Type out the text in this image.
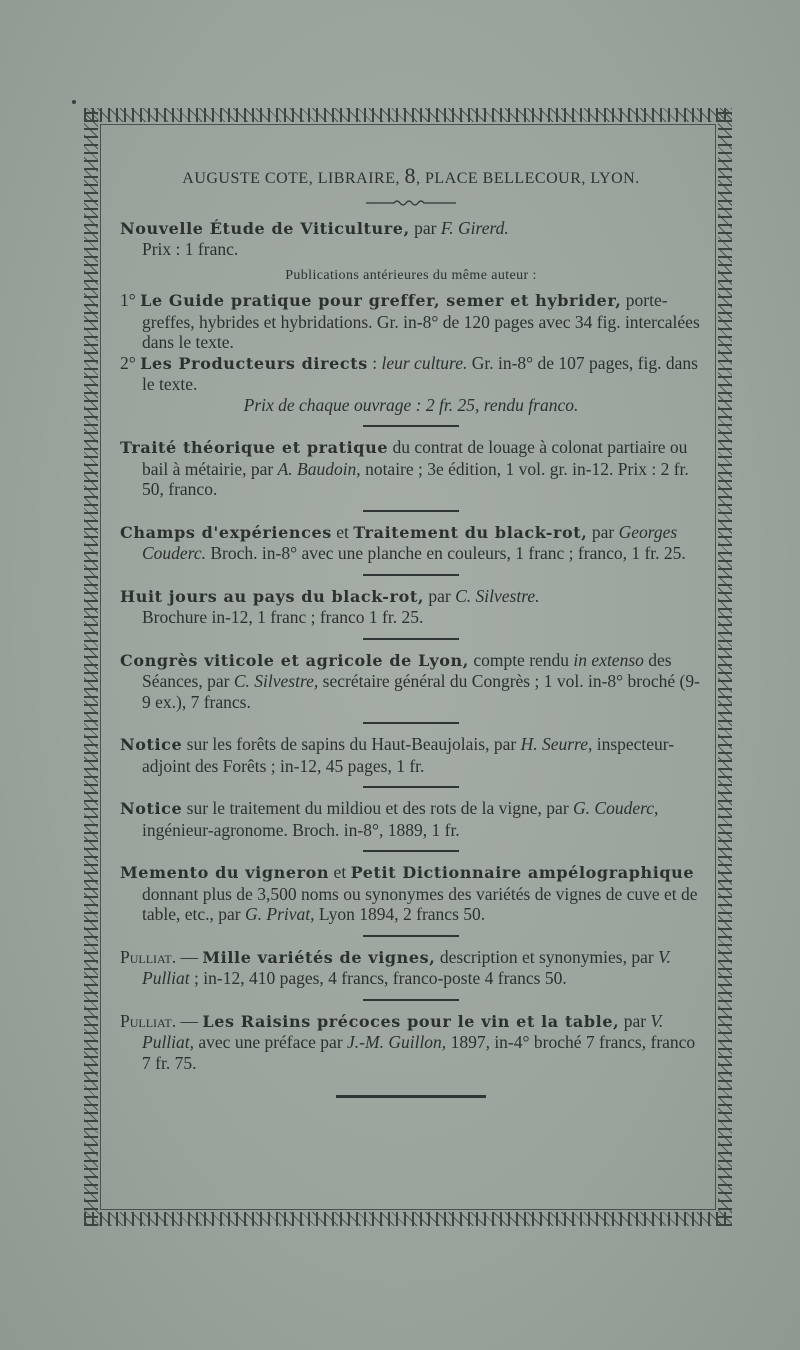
AUGUSTE COTE, LIBRAIRE, 8, PLACE BELLECOUR, LYON.

Nouvelle Étude de Viticulture, par F. Girerd.

Prix : 1 franc.

Publications antérieures du même auteur :

1° Le Guide pratique pour greffer, semer et hybrider, porte-greffes, hybrides et hybridations. Gr. in-8° de 120 pages avec 34 fig. intercalées dans le texte.

2° Les Producteurs directs : leur culture. Gr. in-8° de 107 pages, fig. dans le texte.

Prix de chaque ouvrage : 2 fr. 25, rendu franco.

Traité théorique et pratique du contrat de louage à colonat partiaire ou bail à métairie, par A. Baudoin, notaire ; 3e édition, 1 vol. gr. in-12. Prix : 2 fr. 50, franco.

Champs d'expériences et Traitement du black-rot, par Georges Couderc. Broch. in-8° avec une planche en couleurs, 1 franc ; franco, 1 fr. 25.

Huit jours au pays du black-rot, par C. Silvestre.

Brochure in-12, 1 franc ; franco 1 fr. 25.

Congrès viticole et agricole de Lyon, compte rendu in extenso des Séances, par C. Silvestre, secrétaire général du Congrès ; 1 vol. in-8° broché (9-9 ex.), 7 francs.

Notice sur les forêts de sapins du Haut-Beaujolais, par H. Seurre, inspecteur-adjoint des Forêts ; in-12, 45 pages, 1 fr.

Notice sur le traitement du mildiou et des rots de la vigne, par G. Couderc, ingénieur-agronome. Broch. in-8°, 1889, 1 fr.

Memento du vigneron et Petit Dictionnaire ampélographique donnant plus de 3,500 noms ou synonymes des variétés de vignes de cuve et de table, etc., par G. Privat, Lyon 1894, 2 francs 50.

Pulliat. — Mille variétés de vignes, description et synonymies, par V. Pulliat ; in-12, 410 pages, 4 francs, franco-poste 4 francs 50.

Pulliat. — Les Raisins précoces pour le vin et la table, par V. Pulliat, avec une préface par J.-M. Guillon, 1897, in-4° broché 7 francs, franco 7 fr. 75.
